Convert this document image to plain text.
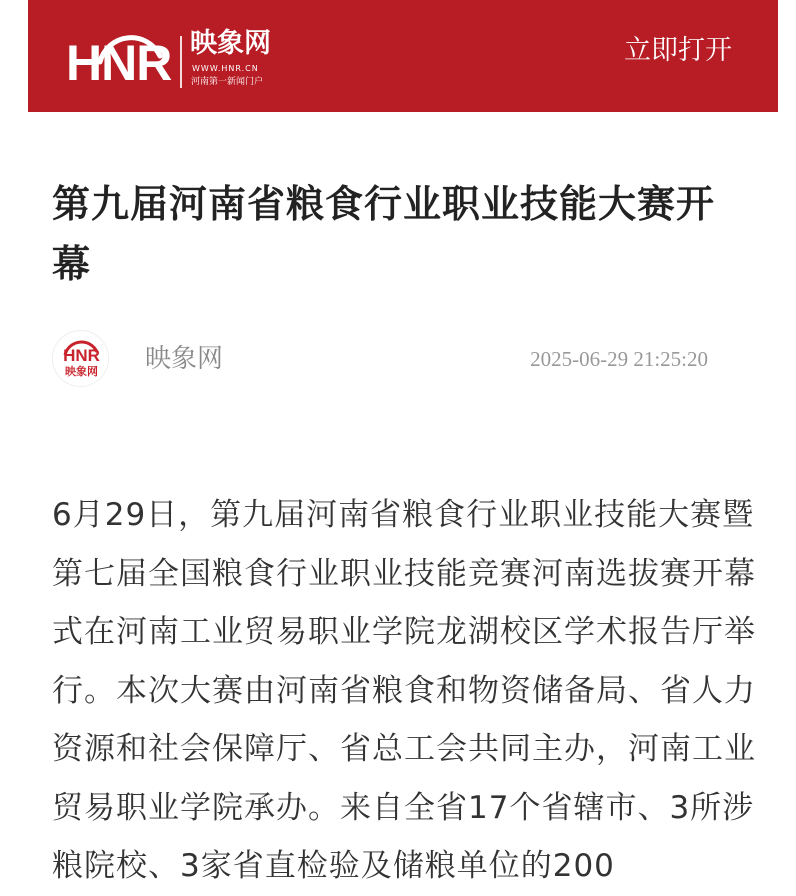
HNR 映象网
WWW.HNR.CN
河南第一新闻门户
立即打开
第九届河南省粮食行业职业技能大赛开幕
HNR
映象网 映象网	2025-06-29 21:25:20

6月29日，第九届河南省粮食行业职业技能大赛暨第七届全国粮食行业职业技能竞赛河南选拔赛开幕式在河南工业贸易职业学院龙湖校区学术报告厅举行。本次大赛由河南省粮食和物资储备局、省人力资源和社会保障厅、省总工会共同主办，河南工业贸易职业学院承办。来自全省17个省辖市、3所涉粮院校、3家省直检验及储粮单位的200
